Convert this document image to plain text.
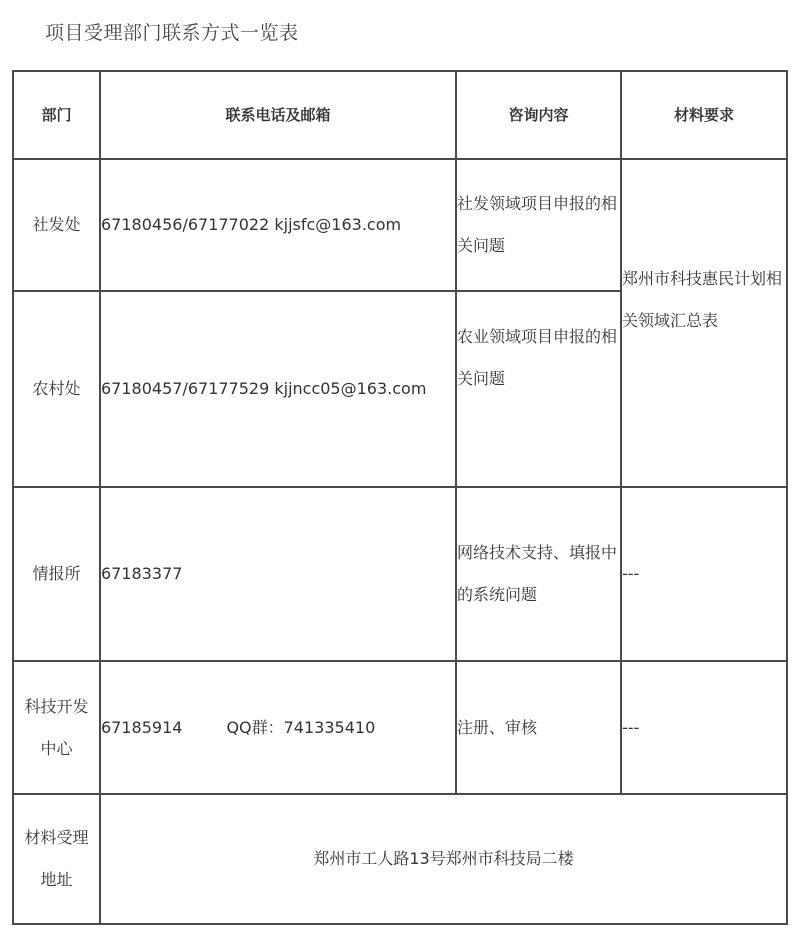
项目受理部门联系方式一览表
部门	联系电话及邮箱	咨询内容	材料要求
社发处	67180456/67177022 kjjsfc@163.com	社发领域项目申报的相关问题	郑州市科技惠民计划相关领域汇总表

农村处	67180457/67177529 kjjncc05@163.com	农业领域项目申报的相关问题	

情报所	67183377	网络技术支持、填报中的系统问题	---
科技开发中心	67185914 QQ群：741335410	注册、审核	---
材料受理地址	郑州市工人路13号郑州市科技局二楼		
